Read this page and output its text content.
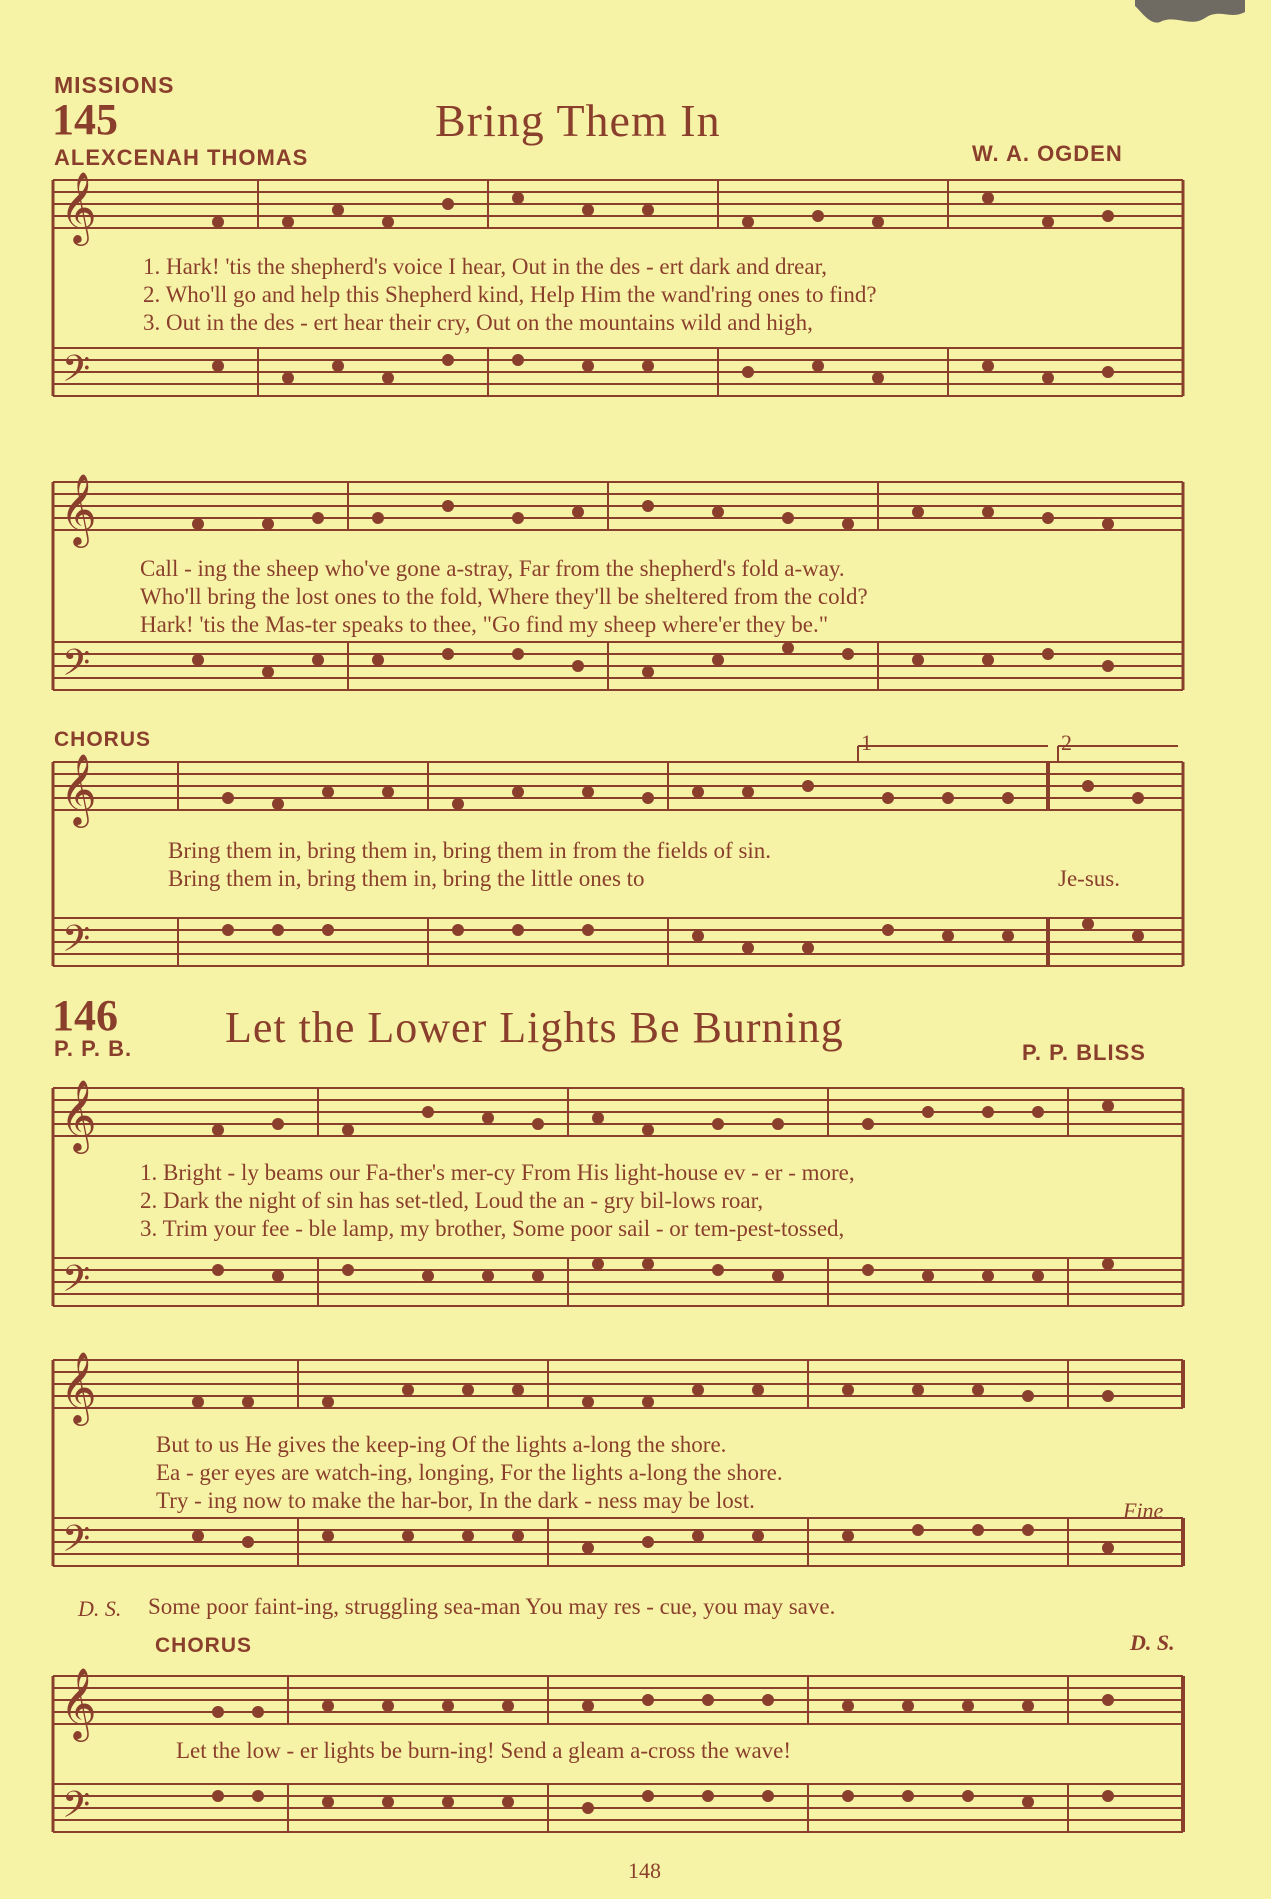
MISSIONS
145	Bring Them In
ALEXCENAH THOMAS	W. A. OGDEN
𝄞
𝄢
1. Hark! 'tis the shepherd's voice I hear, Out in the des - ert dark and drear,
2. Who'll go and help this Shepherd kind, Help Him the wand'ring ones to find?
3. Out in the des - ert hear their cry, Out on the mountains wild and high,
𝄞
𝄢
Call - ing the sheep who've gone a-stray, Far from the shepherd's fold a-way.
Who'll bring the lost ones to the fold, Where they'll be sheltered from the cold?
Hark! 'tis the Mas-ter speaks to thee, "Go find my sheep where'er they be."
CHORUS
𝄞
𝄢
1	2
Bring them in, bring them in, bring them in from the fields of sin.
Bring them in, bring them in, bring the little ones to	Je-sus.
146
P. P. B. Let the Lower Lights Be Burning
P. P. BLISS
𝄞
𝄢
1. Bright - ly beams our Fa-ther's mer-cy From His light-house ev - er - more,
2. Dark the night of sin has set-tled, Loud the an - gry bil-lows roar,
3. Trim your fee - ble lamp, my brother, Some poor sail - or tem-pest-tossed,
𝄞
𝄢
But to us He gives the keep-ing Of the lights a-long the shore.
Ea - ger eyes are watch-ing, longing, For the lights a-long the shore.
Try - ing now to make the har-bor, In the dark - ness may be lost.	Fine
D. S. Some poor faint-ing, struggling sea-man You may res - cue, you may save.
CHORUS	D. S.
𝄞
𝄢
Let the low - er lights be burn-ing! Send a gleam a-cross the wave!
148
